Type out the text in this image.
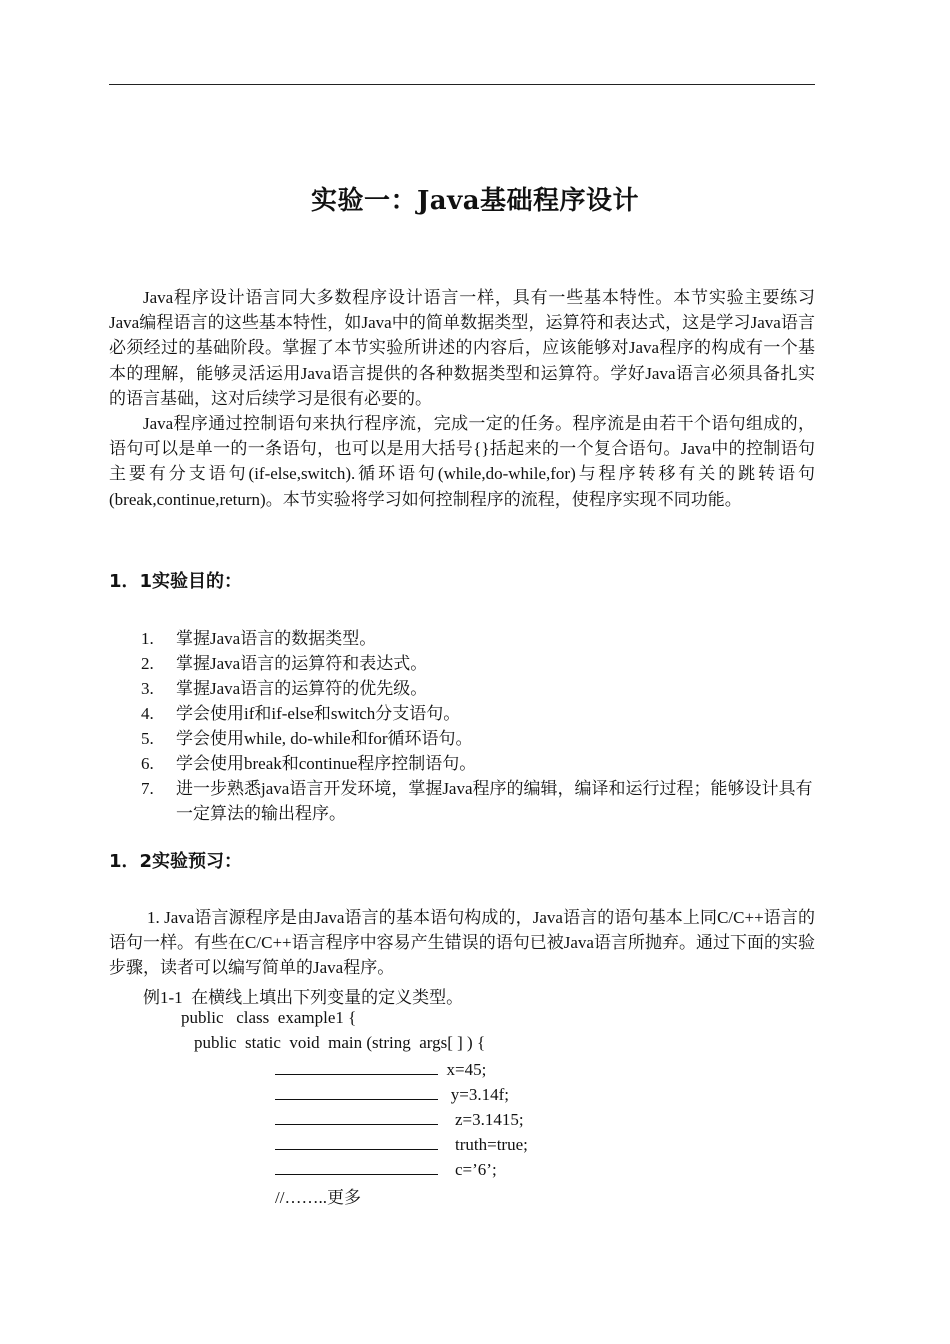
实验一：Java基础程序设计

Java程序设计语言同大多数程序设计语言一样，具有一些基本特性。本节实验主要练习Java编程语言的这些基本特性，如Java中的简单数据类型，运算符和表达式，这是学习Java语言必须经过的基础阶段。掌握了本节实验所讲述的内容后，应该能够对Java程序的构成有一个基本的理解，能够灵活运用Java语言提供的各种数据类型和运算符。学好Java语言必须具备扎实的语言基础，这对后续学习是很有必要的。

Java程序通过控制语句来执行程序流，完成一定的任务。程序流是由若干个语句组成的，语句可以是单一的一条语句，也可以是用大括号{}括起来的一个复合语句。Java中的控制语句主要有分支语句(if-else,switch).循环语句(while,do-while,for)与程序转移有关的跳转语句(break,continue,return)。本节实验将学习如何控制程序的流程，使程序实现不同功能。

1．1实验目的：
1. 掌握Java语言的数据类型。
2. 掌握Java语言的运算符和表达式。
3. 掌握Java语言的运算符的优先级。
4. 学会使用if和if-else和switch分支语句。
5. 学会使用while, do-while和for循环语句。
6. 学会使用break和continue程序控制语句。
7. 进一步熟悉java语言开发环境，掌握Java程序的编辑，编译和运行过程；能够设计具有一定算法的输出程序。
1．2实验预习：

1. Java语言源程序是由Java语言的基本语句构成的，Java语言的语句基本上同C/C++语言的语句一样。有些在C/C++语言程序中容易产生错误的语句已被Java语言所抛弃。通过下面的实验步骤，读者可以编写简单的Java程序。

例1-1  在横线上填出下列变量的定义类型。
public   class  example1 {
public  static  void  main (string  args[ ] ) {
x=45;
y=3.14f;
z=3.1415;
truth=true;
c=’6’;
//……..更多
